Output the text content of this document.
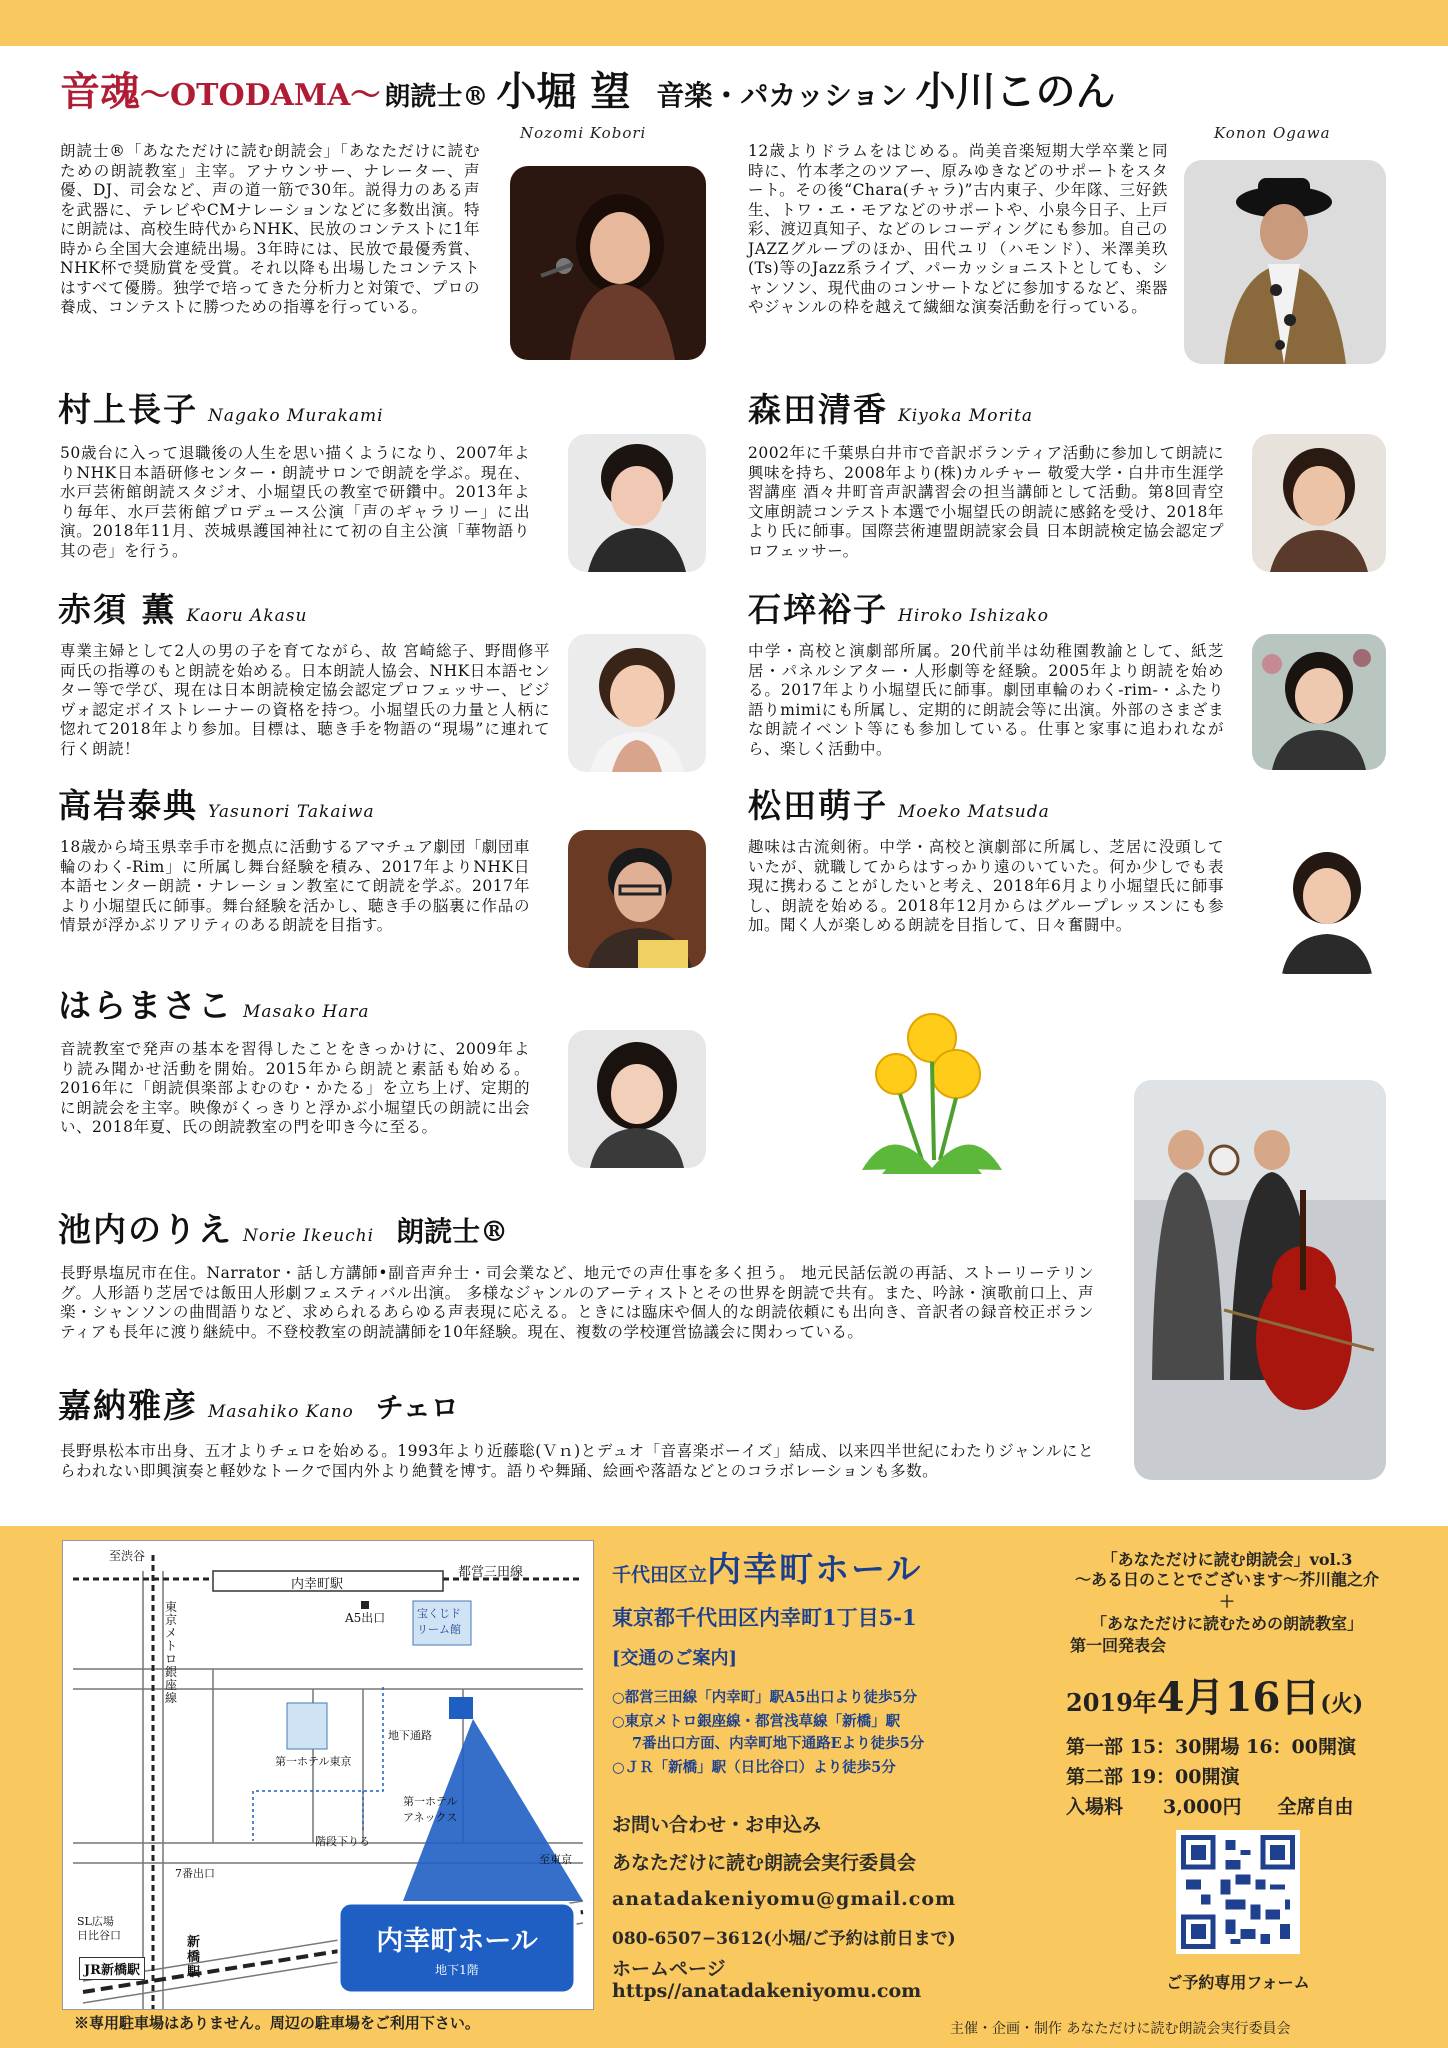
音魂～OTODAMA～ 朗読士® 小堀 望 音楽・パカッション 小川このん
Nozomi Kobori	Konon Ogawa
朗読士®「あなただけに読む朗読会」「あなただけに読むための朗読教室」主宰。アナウンサー、ナレーター、声優、DJ、司会など、声の道一筋で30年。説得力のある声を武器に、テレビやCMナレーションなどに多数出演。特に朗読は、高校生時代からNHK、民放のコンテストに1年時から全国大会連続出場。3年時には、民放で最優秀賞、NHK杯で奨励賞を受賞。それ以降も出場したコンテストはすべて優勝。独学で培ってきた分析力と対策で、プロの養成、コンテストに勝つための指導を行っている。
12歳よりドラムをはじめる。尚美音楽短期大学卒業と同時に、竹本孝之のツアー、原みゆきなどのサポートをスタート。その後“Chara(チャラ)”古内東子、少年隊、三好鉄生、トワ・エ・モアなどのサポートや、小泉今日子、上戸彩、渡辺真知子、などのレコーディングにも参加。自己のJAZZグループのほか、田代ユリ（ハモンド）、米澤美玖(Ts)等のJazz系ライブ、パーカッショニストとしても、シャンソン、現代曲のコンサートなどに参加するなど、楽器やジャンルの枠を越えて繊細な演奏活動を行っている。
村上長子 Nagako Murakami
50歳台に入って退職後の人生を思い描くようになり、2007年よりNHK日本語研修センター・朗読サロンで朗読を学ぶ。現在、水戸芸術館朗読スタジオ、小堀望氏の教室で研鑽中。2013年より毎年、水戸芸術館プロデュース公演「声のギャラリー」に出演。2018年11月、茨城県護国神社にて初の自主公演「華物語り其の壱」を行う。
森田清香 Kiyoka Morita
2002年に千葉県白井市で音訳ボランティア活動に参加して朗読に興味を持ち、2008年より(株)カルチャー 敬愛大学・白井市生涯学習講座 酒々井町音声訳講習会の担当講師として活動。第8回青空文庫朗読コンテスト本選で小堀望氏の朗読に感銘を受け、2018年より氏に師事。国際芸術連盟朗読家会員 日本朗読検定協会認定プロフェッサー。
赤須 薫 Kaoru Akasu
専業主婦として2人の男の子を育てながら、故 宮崎総子、野間修平両氏の指導のもと朗読を始める。日本朗読人協会、NHK日本語センター等で学び、現在は日本朗読検定協会認定プロフェッサー、ビジヴォ認定ボイストレーナーの資格を持つ。小堀望氏の力量と人柄に惚れて2018年より参加。目標は、聴き手を物語の“現場”に連れて行く朗読！
石埣裕子 Hiroko Ishizako
中学・高校と演劇部所属。20代前半は幼稚園教諭として、紙芝居・パネルシアター・人形劇等を経験。2005年より朗読を始める。2017年より小堀望氏に師事。劇団車輪のわく-rim-・ふたり語りmimiにも所属し、定期的に朗読会等に出演。外部のさまざまな朗読イベント等にも参加している。仕事と家事に追われながら、楽しく活動中。
高岩泰典 Yasunori Takaiwa
18歳から埼玉県幸手市を拠点に活動するアマチュア劇団「劇団車輪のわく-Rim」に所属し舞台経験を積み、2017年よりNHK日本語センター朗読・ナレーション教室にて朗読を学ぶ。2017年より小堀望氏に師事。舞台経験を活かし、聴き手の脳裏に作品の情景が浮かぶリアリティのある朗読を目指す。
松田萌子 Moeko Matsuda
趣味は古流剣術。中学・高校と演劇部に所属し、芝居に没頭していたが、就職してからはすっかり遠のいていた。何か少しでも表現に携わることがしたいと考え、2018年6月より小堀望氏に師事し、朗読を始める。2018年12月からはグループレッスンにも参加。聞く人が楽しめる朗読を目指して、日々奮闘中。
はらまさこ Masako Hara
音読教室で発声の基本を習得したことをきっかけに、2009年より読み聞かせ活動を開始。2015年から朗読と素話も始める。2016年に「朗読倶楽部よむのむ・かたる」を立ち上げ、定期的に朗読会を主宰。映像がくっきりと浮かぶ小堀望氏の朗読に出会い、2018年夏、氏の朗読教室の門を叩き今に至る。
池内のりえ Norie Ikeuchi 朗読士®
長野県塩尻市在住。Narrator・話し方講師•副音声弁士・司会業など、地元での声仕事を多く担う。 地元民話伝説の再話、ストーリーテリング。人形語り芝居では飯田人形劇フェスティバル出演。 多様なジャンルのアーティストとその世界を朗読で共有。また、吟詠・演歌前口上、声楽・シャンソンの曲間語りなど、求められるあらゆる声表現に応える。ときには臨床や個人的な朗読依頼にも出向き、音訳者の録音校正ボランティアも長年に渡り継続中。不登校教室の朗読講師を10年経験。現在、複数の学校運営協議会に関わっている。
嘉納雅彦 Masahiko Kano チェロ
長野県松本市出身、五才よりチェロを始める。1993年より近藤聡(Ｖｎ)とデュオ「音喜楽ボーイズ」結成、以来四半世紀にわたりジャンルにとらわれない即興演奏と軽妙なトークで国内外より絶賛を博す。語りや舞踊、絵画や落語などとのコラボレーションも多数。
至渋谷
都営三田線
内幸町駅
A5出口
東京メトロ銀座線
宝くじドリーム館
第一ホテル東京
地下通路
階段下りる
第一ホテルアネックス
SL広場
日比谷口
7番出口
JR新橋駅
新橋駅
至東京
内幸町ホール
地下1階
※専用駐車場はありません。周辺の駐車場をご利用下さい。
千代田区立内幸町ホール
東京都千代田区内幸町1丁目5-1
[交通のご案内]
○都営三田線「内幸町」駅A5出口より徒歩5分
○東京メトロ銀座線・都営浅草線「新橋」駅
7番出口方面、内幸町地下通路Eより徒歩5分
○ＪＲ「新橋」駅（日比谷口）より徒歩5分
お問い合わせ・お申込み
あなただけに読む朗読会実行委員会
anatadakeniyomu@gmail.com
080-6507−3612(小堀/ご予約は前日まで)
ホームページ
https//anatadakeniyomu.com
「あなただけに読む朗読会」vol.3
～ある日のことでございます～芥川龍之介
＋
「あなただけに読むための朗読教室」
第一回発表会
2019年4月16日(火)
第一部 15：30開場 16：00開演
第二部 19：00開演
入場料 3,000円 全席自由
ご予約専用フォーム
主催・企画・制作 あなただけに読む朗読会実行委員会
